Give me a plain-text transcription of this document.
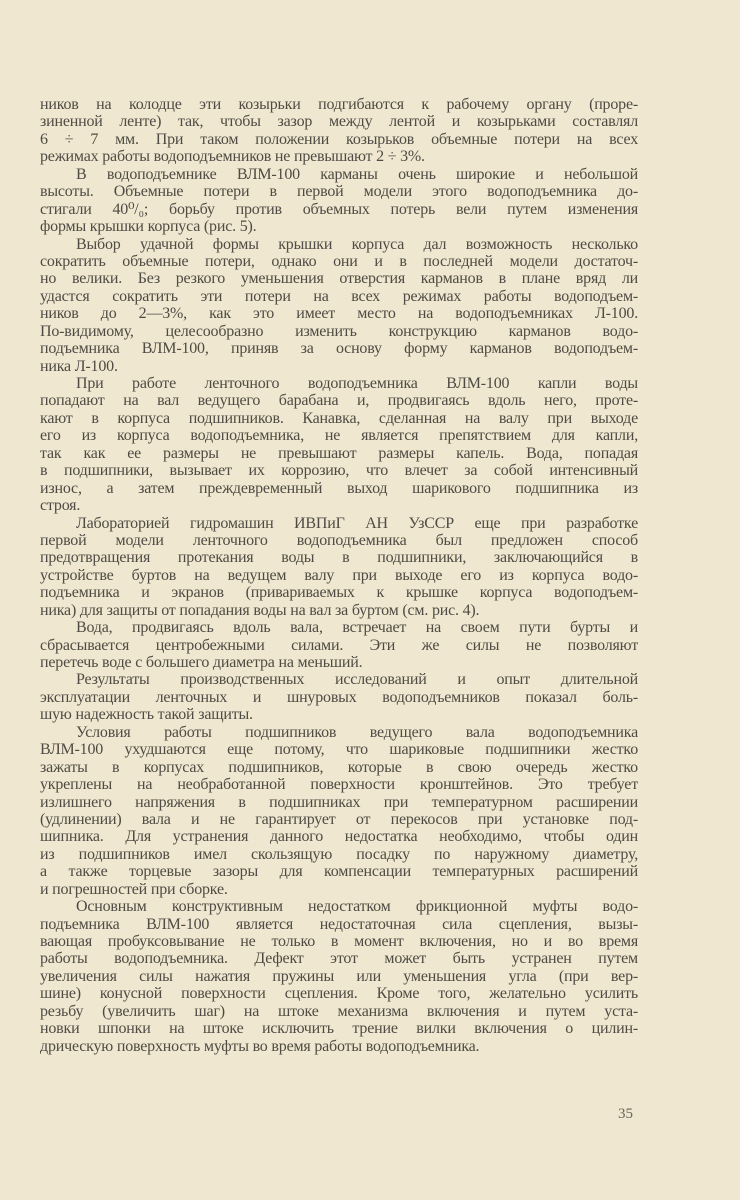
ников на колодце эти козырьки подгибаются к рабочему органу (проре-
зиненной ленте) так, чтобы зазор между лентой и козырьками составлял
6 ÷ 7 мм. При таком положении козырьков объемные потери на всех
режимах работы водоподъемников не превышают 2 ÷ 3%.
В водоподъемнике ВЛМ-100 карманы очень широкие и небольшой
высоты. Объемные потери в первой модели этого водоподъемника до-
стигали 40⁰/₀; борьбу против объемных потерь вели путем изменения
формы крышки корпуса (рис. 5).
Выбор удачной формы крышки корпуса дал возможность несколько
сократить объемные потери, однако они и в последней модели достаточ-
но велики. Без резкого уменьшения отверстия карманов в плане вряд ли
удастся сократить эти потери на всех режимах работы водоподъем-
ников до 2—3%, как это имеет место на водоподъемниках Л-100.
По-видимому, целесообразно изменить конструкцию карманов водо-
подъемника ВЛМ-100, приняв за основу форму карманов водоподъем-
ника Л-100.
При работе ленточного водоподъемника ВЛМ-100 капли воды
попадают на вал ведущего барабана и, продвигаясь вдоль него, проте-
кают в корпуса подшипников. Канавка, сделанная на валу при выходе
его из корпуса водоподъемника, не является препятствием для капли,
так как ее размеры не превышают размеры капель. Вода, попадая
в подшипники, вызывает их коррозию, что влечет за собой интенсивный
износ, а затем преждевременный выход шарикового подшипника из
строя.
Лабораторией гидромашин ИВПиГ АН УзССР еще при разработке
первой модели ленточного водоподъемника был предложен способ
предотвращения протекания воды в подшипники, заключающийся в
устройстве буртов на ведущем валу при выходе его из корпуса водо-
подъемника и экранов (привариваемых к крышке корпуса водоподъем-
ника) для защиты от попадания воды на вал за буртом (см. рис. 4).
Вода, продвигаясь вдоль вала, встречает на своем пути бурты и
сбрасывается центробежными силами. Эти же силы не позволяют
перетечь воде с большего диаметра на меньший.
Результаты производственных исследований и опыт длительной
эксплуатации ленточных и шнуровых водоподъемников показал боль-
шую надежность такой защиты.
Условия работы подшипников ведущего вала водоподъемника
ВЛМ-100 ухудшаются еще потому, что шариковые подшипники жестко
зажаты в корпусах подшипников, которые в свою очередь жестко
укреплены на необработанной поверхности кронштейнов. Это требует
излишнего напряжения в подшипниках при температурном расширении
(удлинении) вала и не гарантирует от перекосов при установке под-
шипника. Для устранения данного недостатка необходимо, чтобы один
из подшипников имел скользящую посадку по наружному диаметру,
а также торцевые зазоры для компенсации температурных расширений
и погрешностей при сборке.
Основным конструктивным недостатком фрикционной муфты водо-
подъемника ВЛМ-100 является недостаточная сила сцепления, вызы-
вающая пробуксовывание не только в момент включения, но и во время
работы водоподъемника. Дефект этот может быть устранен путем
увеличения силы нажатия пружины или уменьшения угла (при вер-
шине) конусной поверхности сцепления. Кроме того, желательно усилить
резьбу (увеличить шаг) на штоке механизма включения и путем уста-
новки шпонки на штоке исключить трение вилки включения о цилин-
дрическую поверхность муфты во время работы водоподъемника.
35
